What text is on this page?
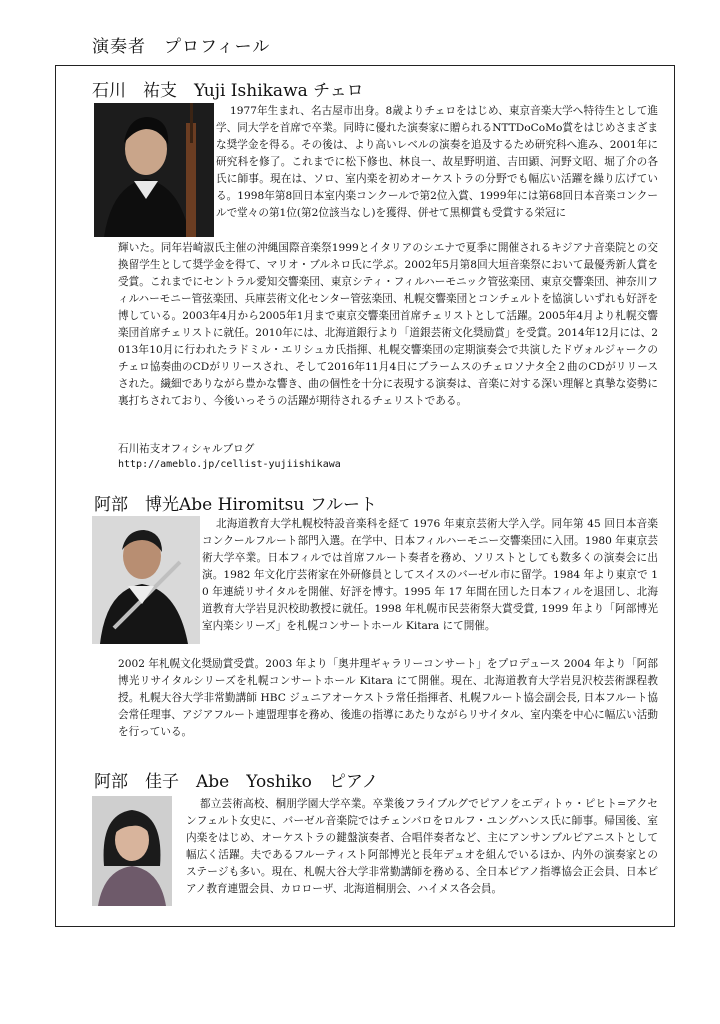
演奏者　プロフィール
石川　祐支　Yuji Ishikawa チェロ

1977年生まれ、名古屋市出身。8歳よりチェロをはじめ、東京音楽大学へ特待生として進学、同大学を首席で卒業。同時に優れた演奏家に贈られるNTTDoCoMo賞をはじめさまざまな奨学金を得る。その後は、より高いレベルの演奏を追及するため研究科へ進み、2001年に研究科を修了。これまでに松下修也、林良一、故星野明道、吉田顕、河野文昭、堀了介の各氏に師事。現在は、ソロ、室内楽を初めオーケストラの分野でも幅広い活躍を繰り広げている。1998年第8回日本室内楽コンクールで第2位入賞、1999年には第68回日本音楽コンクールで堂々の第1位(第2位該当なし)を獲得、併せて黒柳賞も受賞する栄冠に

輝いた。同年岩崎淑氏主催の沖縄国際音楽祭1999とイタリアのシエナで夏季に開催されるキジアナ音楽院との交換留学生として奨学金を得て、マリオ・ブルネロ氏に学ぶ。2002年5月第8回大垣音楽祭において最優秀新人賞を受賞。これまでにセントラル愛知交響楽団、東京シティ・フィルハーモニック管弦楽団、東京交響楽団、神奈川フィルハーモニー管弦楽団、兵庫芸術文化センター管弦楽団、札幌交響楽団とコンチェルトを協演しいずれも好評を博している。2003年4月から2005年1月まで東京交響楽団首席チェリストとして活躍。2005年4月より札幌交響楽団首席チェリストに就任。2010年には、北海道銀行より「道銀芸術文化奨励賞」を受賞。2014年12月には、2013年10月に行われたラドミル・エリシュカ氏指揮、札幌交響楽団の定期演奏会で共演したドヴォルジャークのチェロ協奏曲のCDがリリースされ、そして2016年11月4日にブラームスのチェロソナタ全２曲のCDがリリースされた。繊細でありながら豊かな響き、曲の個性を十分に表現する演奏は、音楽に対する深い理解と真摯な姿勢に裏打ちされており、今後いっそうの活躍が期待されるチェリストである。

石川祐支オフィシャルブログ
http://ameblo.jp/cellist-yujiishikawa
阿部　博光Abe Hiromitsu フルート

北海道教育大学札幌校特設音楽科を経て 1976 年東京芸術大学入学。同年第 45 回日本音楽コンクールフルート部門入選。在学中、日本フィルハーモニー交響楽団に入団。1980 年東京芸術大学卒業。日本フィルでは首席フルート奏者を務め、ソリストとしても数多くの演奏会に出演。1982 年文化庁芸術家在外研修員としてスイスのバーゼル市に留学。1984 年より東京で 10 年連続リサイタルを開催、好評を博す。1995 年 17 年間在団した日本フィルを退団し、北海道教育大学岩見沢校助教授に就任。1998 年札幌市民芸術祭大賞受賞, 1999 年より「阿部博光室内楽シリーズ」を札幌コンサートホール Kitara にて開催。

2002 年札幌文化奨励賞受賞。2003 年より「奥井理ギャラリーコンサート」をプロデュース 2004 年より「阿部博光リサイタルシリーズを札幌コンサートホール Kitara にて開催。現在、北海道教育大学岩見沢校芸術課程教授。札幌大谷大学非常勤講師 HBC ジュニアオーケストラ常任指揮者、札幌フルート協会副会長, 日本フルート協会常任理事、アジアフルート連盟理事を務め、後進の指導にあたりながらリサイタル、室内楽を中心に幅広い活動を行っている。

阿部　佳子　Abe　Yoshiko　ピアノ

都立芸術高校、桐朋学園大学卒業。卒業後フライブルグでピアノをエディトゥ・ピヒト=アクセンフェルト女史に、バーゼル音楽院ではチェンバロをロルフ・ユングハンス氏に師事。帰国後、室内楽をはじめ、オーケストラの鍵盤演奏者、合唱伴奏者など、主にアンサンブルピアニストとして幅広く活躍。夫であるフルーティスト阿部博光と長年デュオを組んでいるほか、内外の演奏家とのステージも多い。現在、札幌大谷大学非常勤講師を務める、全日本ピアノ指導協会正会員、日本ピアノ教育連盟会員、カロローザ、北海道桐朋会、ハイメス各会員。
